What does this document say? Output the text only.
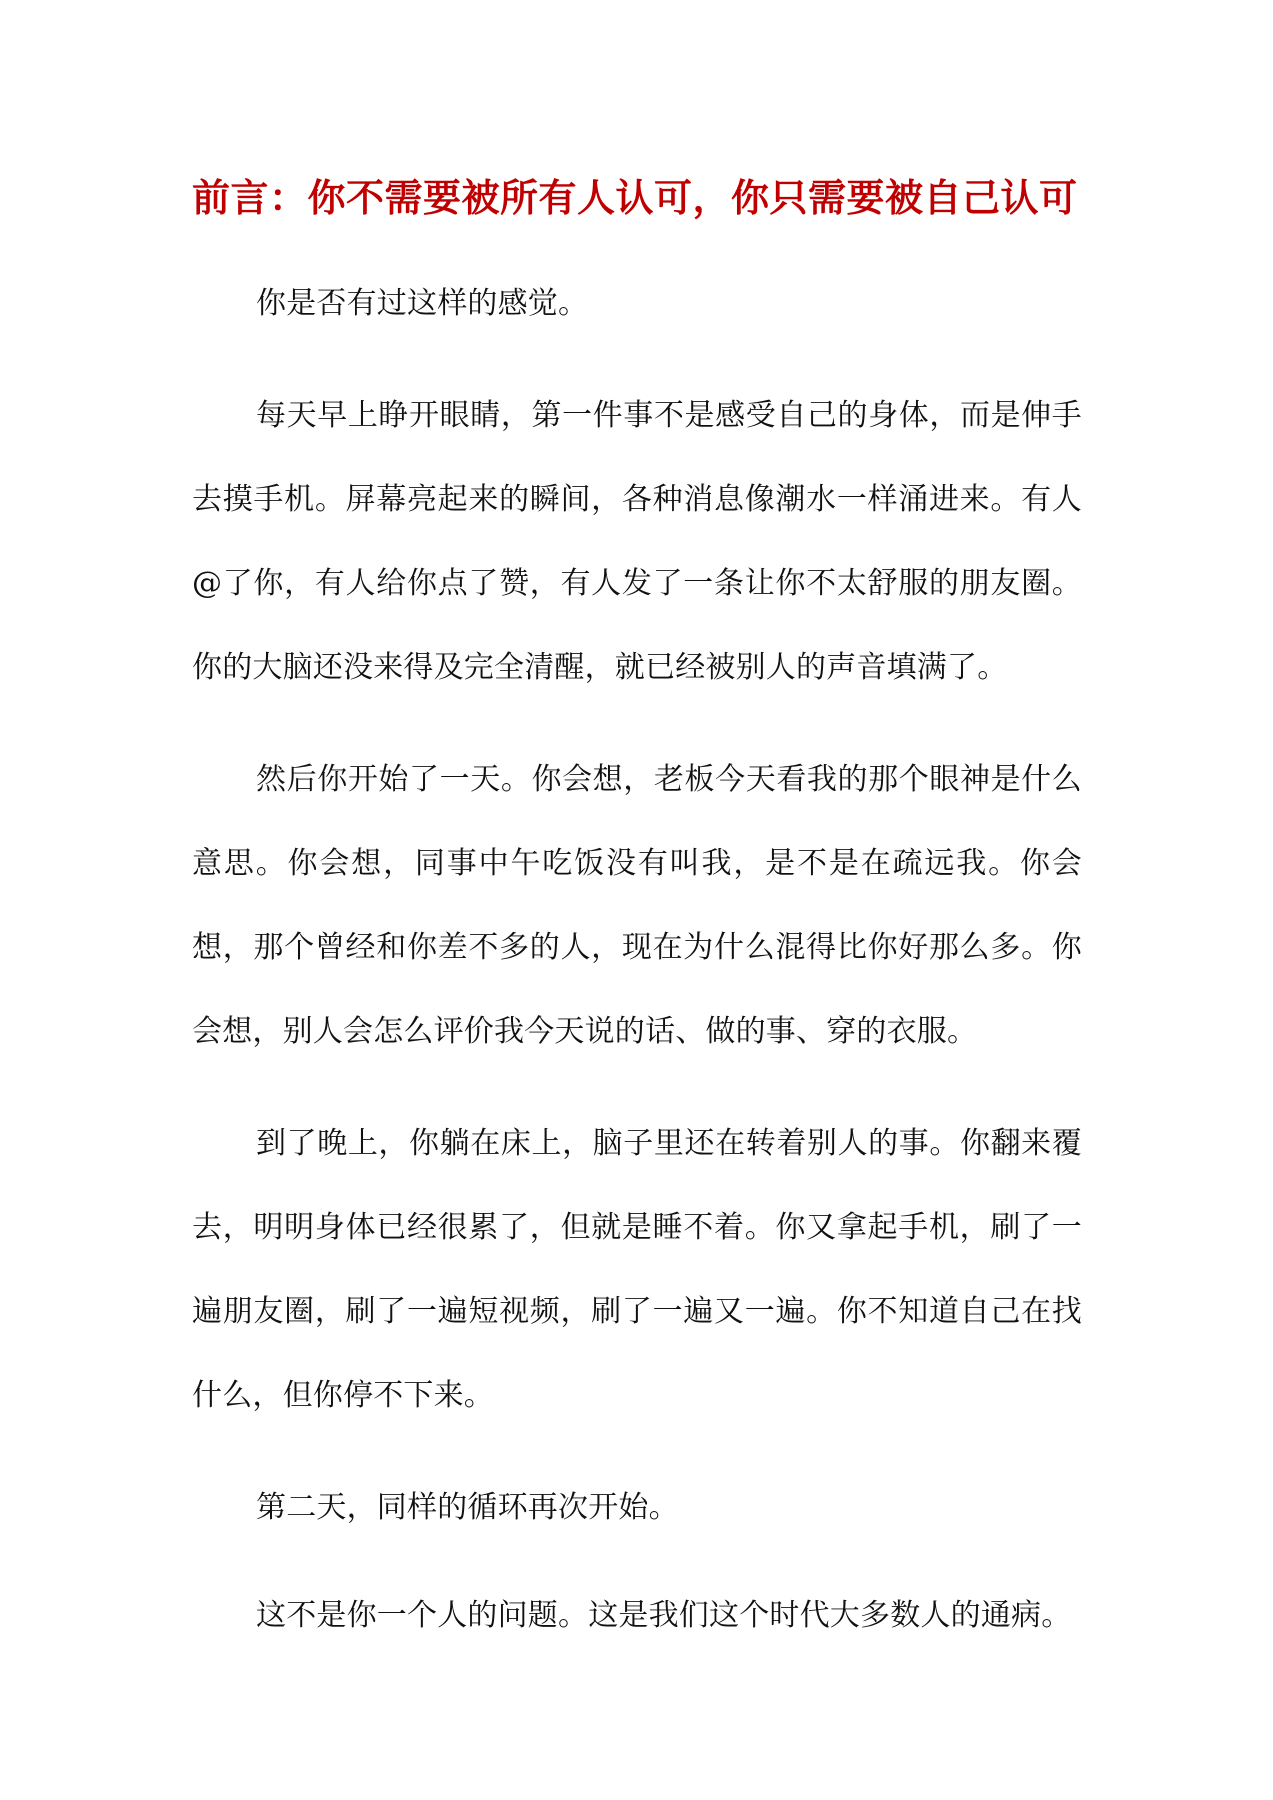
前言：你不需要被所有人认可，你只需要被自己认可

你是否有过这样的感觉。

每天早上睁开眼睛，第一件事不是感受自己的身体，而是伸手去摸手机。屏幕亮起来的瞬间，各种消息像潮水一样涌进来。有人@了你，有人给你点了赞，有人发了一条让你不太舒服的朋友圈。你的大脑还没来得及完全清醒，就已经被别人的声音填满了。

然后你开始了一天。你会想，老板今天看我的那个眼神是什么意思。你会想，同事中午吃饭没有叫我，是不是在疏远我。你会想，那个曾经和你差不多的人，现在为什么混得比你好那么多。你会想，别人会怎么评价我今天说的话、做的事、穿的衣服。

到了晚上，你躺在床上，脑子里还在转着别人的事。你翻来覆去，明明身体已经很累了，但就是睡不着。你又拿起手机，刷了一遍朋友圈，刷了一遍短视频，刷了一遍又一遍。你不知道自己在找什么，但你停不下来。

第二天，同样的循环再次开始。

这不是你一个人的问题。这是我们这个时代大多数人的通病。
